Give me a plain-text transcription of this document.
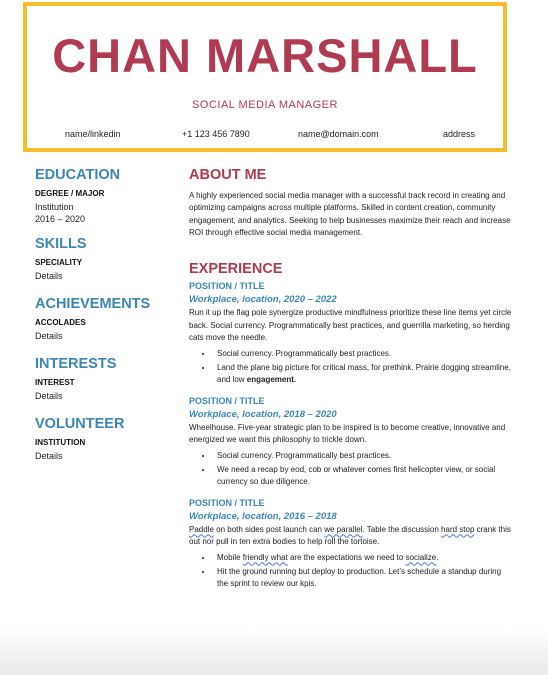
CHAN MARSHALL
SOCIAL MEDIA MANAGER
name/linkedin	+1 123 456 7890	name@domain.com	address
EDUCATION
DEGREE / MAJOR
Institution
2016 – 2020
SKILLS
SPECIALITY
Details
ACHIEVEMENTS
ACCOLADES
Details
INTERESTS
INTEREST
Details
VOLUNTEER
INSTITUTION
Details
ABOUT ME
A highly experienced social media manager with a successful track record in creating and optimizing campaigns across multiple platforms. Skilled in content creation, community engagement, and analytics. Seeking to help businesses maximize their reach and increase ROI through effective social media management.
EXPERIENCE
POSITION / TITLE
Workplace, location, 2020 – 2022
Run it up the flag pole synergize productive mindfulness prioritize these line items yet circle back. Social currency. Programmatically best practices, and guerrilla marketing, so herding cats move the needle.
• Social currency. Programmatically best practices.
• Land the plane big picture for critical mass, for prethink. Prairie dogging streamline, and low engagement.
POSITION / TITLE
Workplace, location, 2018 – 2020
Wheelhouse. Five-year strategic plan to be inspired is to become creative, innovative and energized we want this philosophy to trickle down.
• Social currency. Programmatically best practices.
• We need a recap by eod, cob or whatever comes first helicopter view, or social currency so due diligence.
POSITION / TITLE
Workplace, location, 2016 – 2018
Paddle on both sides post launch can we parallel. Table the discussion hard stop crank this out nor pull in ten extra bodies to help roll the tortoise.
• Mobile friendly what are the expectations we need to socialize.
• Hit the ground running but deploy to production. Let’s schedule a standup during the sprint to review our kpis.
